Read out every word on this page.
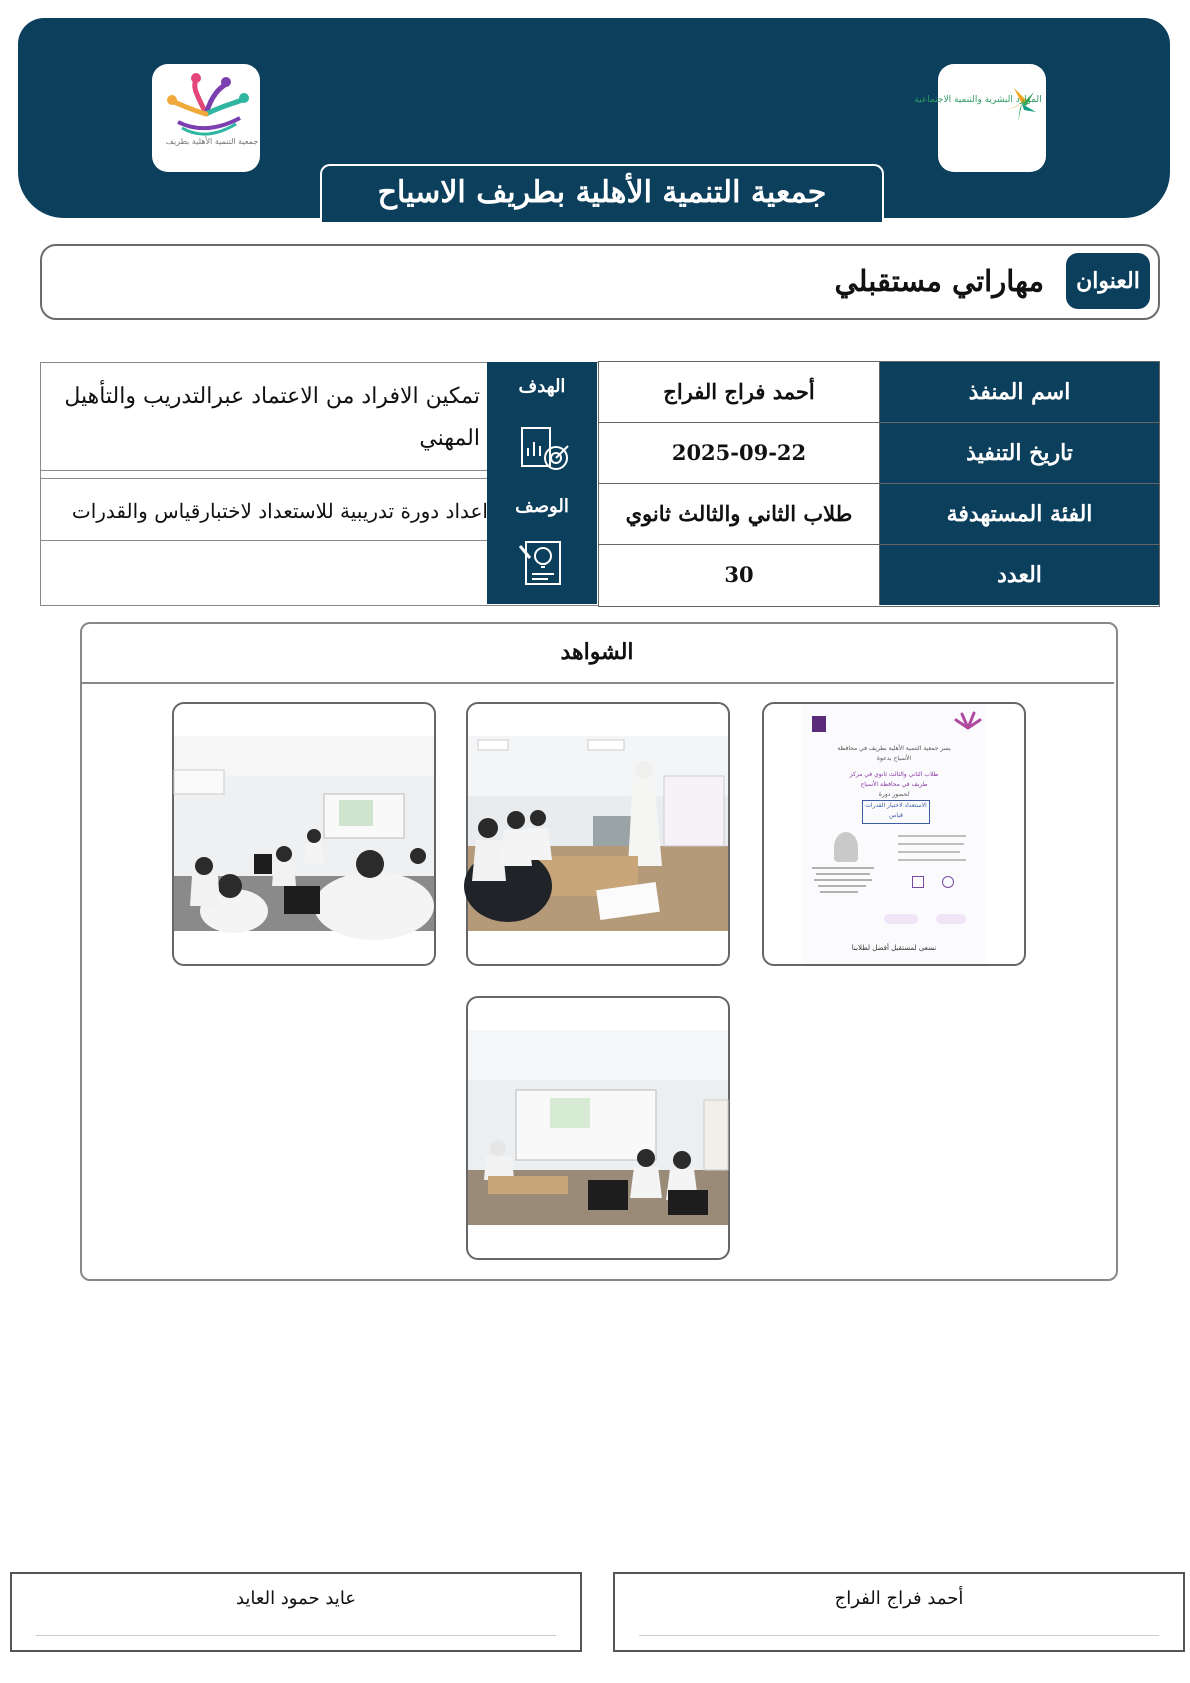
جمعية التنمية الأهلية بطريف
الموارد البشرية والتنمية الاجتماعية
جمعية التنمية الأهلية بطريف الاسياح
العنوان
مهاراتي مستقبلي
الهدف
تمكين الافراد من الاعتماد عبرالتدريب والتأهيل المهني
الوصف
اعداد دورة تدريبية للاستعداد لاختبارقياس والقدرات
اسم المنفذ
أحمد فراج الفراج
تاريخ التنفيذ
2025-09-22
الفئة المستهدفة
طلاب الثاني والثالث ثانوي
العدد
30
الشواهد
يسر جمعية التنمية الأهلية بطريف في محافظة
الأسياح بدعوة
طلاب الثاني والثالث ثانوي في مركز
طريف في محافظة الأسياح
لحضور دورة
الاستعداد لاختبار القدرات قياس
نسعى لمستقبل أفضل لطلابنا
أحمد فراج الفراج
عايد حمود العايد
